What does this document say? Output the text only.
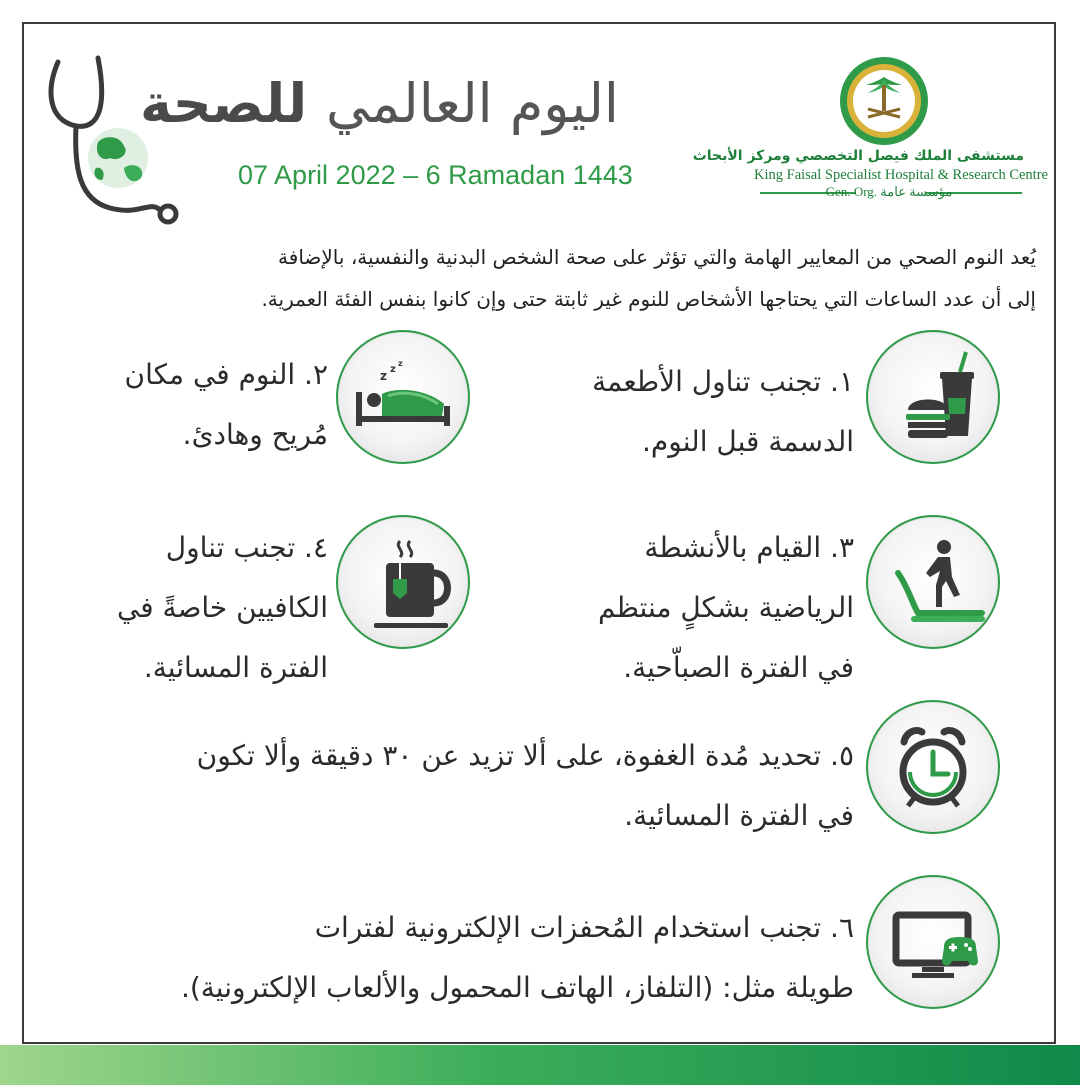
اليوم العالمي للصحة
07 April 2022 – 6 Ramadan 1443
مستشفى الملك فيصل التخصصي ومركز الأبحاث
King Faisal Specialist Hospital & Research Centre
Gen. Org. مؤسسة عامة
يُعد النوم الصحي من المعايير الهامة والتي تؤثر على صحة الشخص البدنية والنفسية، بالإضافة
إلى أن عدد الساعات التي يحتاجها الأشخاص للنوم غير ثابتة حتى وإن كانوا بنفس الفئة العمرية.
١. تجنب تناول الأطعمة
الدسمة قبل النوم.
z z
z
٢. النوم في مكان
مُريح وهادئ.
٣. القيام بالأنشطة
الرياضية بشكلٍ منتظم
في الفترة الصباّحية.
٤. تجنب تناول
الكافيين خاصةً في
الفترة المسائية.
٥. تحديد مُدة الغفوة، على ألا تزيد عن ٣٠ دقيقة وألا تكون
في الفترة المسائية.
٦. تجنب استخدام المُحفزات الإلكترونية لفترات
طويلة مثل: (التلفاز، الهاتف المحمول والألعاب الإلكترونية).
